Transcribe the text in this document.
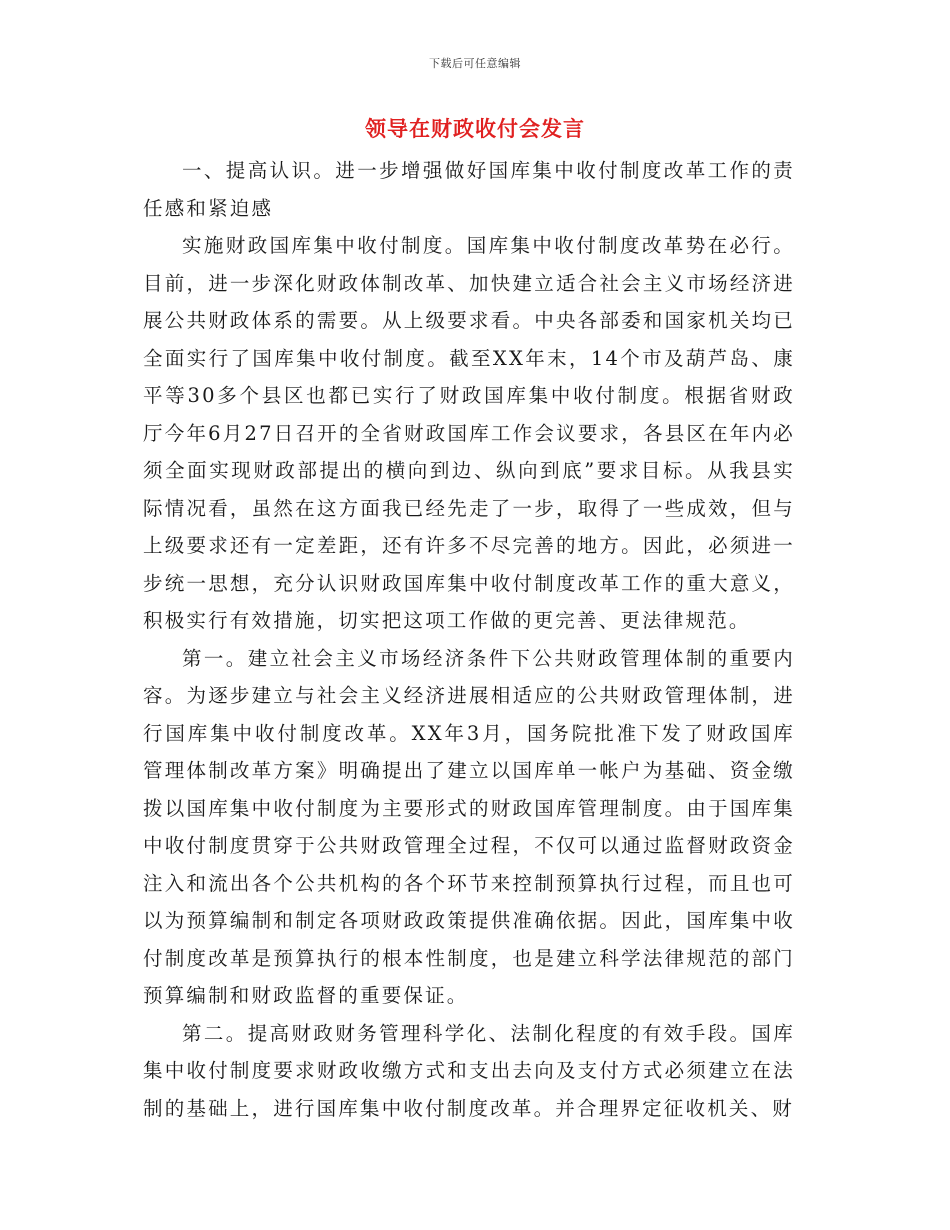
下载后可任意编辑
领导在财政收付会发言

一、提高认识。进一步增强做好国库集中收付制度改革工作的责任感和紧迫感

实施财政国库集中收付制度。国库集中收付制度改革势在必行。目前，进一步深化财政体制改革、加快建立适合社会主义市场经济进展公共财政体系的需要。从上级要求看。中央各部委和国家机关均已全面实行了国库集中收付制度。截至XX年末，14个市及葫芦岛、康平等30多个县区也都已实行了财政国库集中收付制度。根据省财政厅今年6月27日召开的全省财政国库工作会议要求，各县区在年内必须全面实现财政部提出的横向到边、纵向到底”要求目标。从我县实际情况看，虽然在这方面我已经先走了一步，取得了一些成效，但与上级要求还有一定差距，还有许多不尽完善的地方。因此，必须进一步统一思想，充分认识财政国库集中收付制度改革工作的重大意义，积极实行有效措施，切实把这项工作做的更完善、更法律规范。

第一。建立社会主义市场经济条件下公共财政管理体制的重要内容。为逐步建立与社会主义经济进展相适应的公共财政管理体制，进行国库集中收付制度改革。XX年3月，国务院批准下发了财政国库管理体制改革方案》明确提出了建立以国库单一帐户为基础、资金缴拨以国库集中收付制度为主要形式的财政国库管理制度。由于国库集中收付制度贯穿于公共财政管理全过程，不仅可以通过监督财政资金注入和流出各个公共机构的各个环节来控制预算执行过程，而且也可以为预算编制和制定各项财政政策提供准确依据。因此，国库集中收付制度改革是预算执行的根本性制度，也是建立科学法律规范的部门预算编制和财政监督的重要保证。

第二。提高财政财务管理科学化、法制化程度的有效手段。国库集中收付制度要求财政收缴方式和支出去向及支付方式必须建立在法制的基础上，进行国库集中收付制度改革。并合理界定征收机关、财
